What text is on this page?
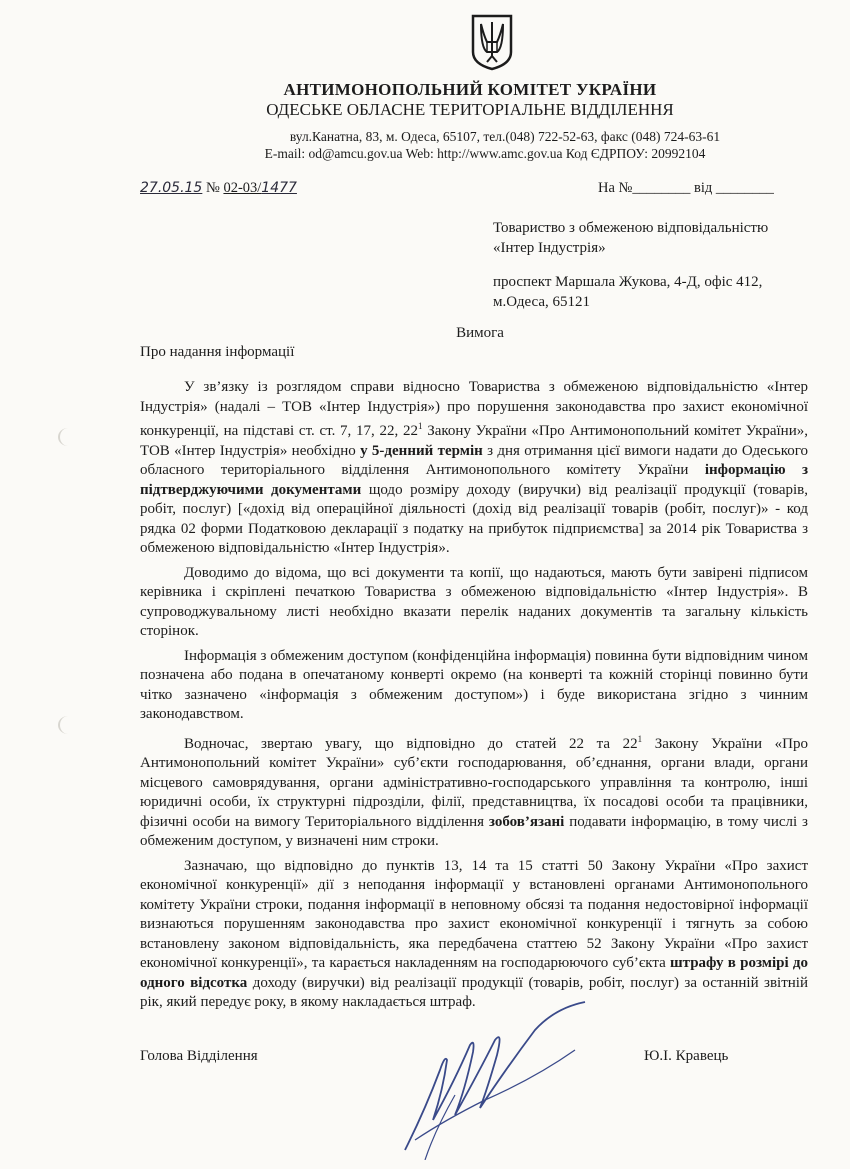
АНТИМОНОПОЛЬНИЙ КОМІТЕТ УКРАЇНИ
ОДЕСЬКЕ ОБЛАСНЕ ТЕРИТОРІАЛЬНЕ ВІДДІЛЕННЯ
вул.Канатна, 83, м. Одеса, 65107, тел.(048) 722-52-63, факс (048) 724-63-61
E-mail: od@amcu.gov.ua Web: http://www.amc.gov.ua Код ЄДРПОУ: 20992104
27.05.15 № 02-03/1477	На №________ від ________
Товариство з обмеженою відповідальністю
«Інтер Індустрія»
проспект Маршала Жукова, 4-Д, офіс 412,
м.Одеса, 65121
Вимога
Про надання інформації

У зв’язку із розглядом справи відносно Товариства з обмеженою відповідальністю «Інтер Індустрія» (надалі – ТОВ «Інтер Індустрія») про порушення законодавства про захист економічної конкуренції, на підставі ст. ст. 7, 17, 22, $22^1$ Закону України «Про Антимонопольний комітет України», ТОВ «Інтер Індустрія» необхідно у 5-денний термін з дня отримання цієї вимоги надати до Одеського обласного територіального відділення Антимонопольного комітету України інформацію з підтверджуючими документами щодо розміру доходу (виручки) від реалізації продукції (товарів, робіт, послуг) [«дохід від операційної діяльності (дохід від реалізації товарів (робіт, послуг)» - код рядка 02 форми Податковою декларації з податку на прибуток підприємства] за 2014 рік Товариства з обмеженою відповідальністю «Інтер Індустрія».

Доводимо до відома, що всі документи та копії, що надаються, мають бути завірені підписом керівника і скріплені печаткою Товариства з обмеженою відповідальністю «Інтер Індустрія». В супроводжувальному листі необхідно вказати перелік наданих документів та загальну кількість сторінок.

Інформація з обмеженим доступом (конфіденційна інформація) повинна бути відповідним чином позначена або подана в опечатаному конверті окремо (на конверті та кожній сторінці повинно бути чітко зазначено «інформація з обмеженим доступом») і буде використана згідно з чинним законодавством.

Водночас, звертаю увагу, що відповідно до статей 22 та $22^1$ Закону України «Про Антимонопольний комітет України» суб’єкти господарювання, об’єднання, органи влади, органи місцевого самоврядування, органи адміністративно-господарського управління та контролю, інші юридичні особи, їх структурні підрозділи, філії, представництва, їх посадові особи та працівники, фізичні особи на вимогу Територіального відділення зобов’язані подавати інформацію, в тому числі з обмеженим доступом, у визначені ним строки.

Зазначаю, що відповідно до пунктів 13, 14 та 15 статті 50 Закону України «Про захист економічної конкуренції» дії з неподання інформації у встановлені органами Антимонопольного комітету України строки, подання інформації в неповному обсязі та подання недостовірної інформації визнаються порушенням законодавства про захист економічної конкуренції і тягнуть за собою встановлену законом відповідальність, яка передбачена статтею 52 Закону України «Про захист економічної конкуренції», та карається накладенням на господарюючого суб’єкта штрафу в розмірі до одного відсотка доходу (виручки) від реалізації продукції (товарів, робіт, послуг) за останній звітній рік, який передує року, в якому накладається штраф.

Голова Відділення	Ю.І. Кравець
